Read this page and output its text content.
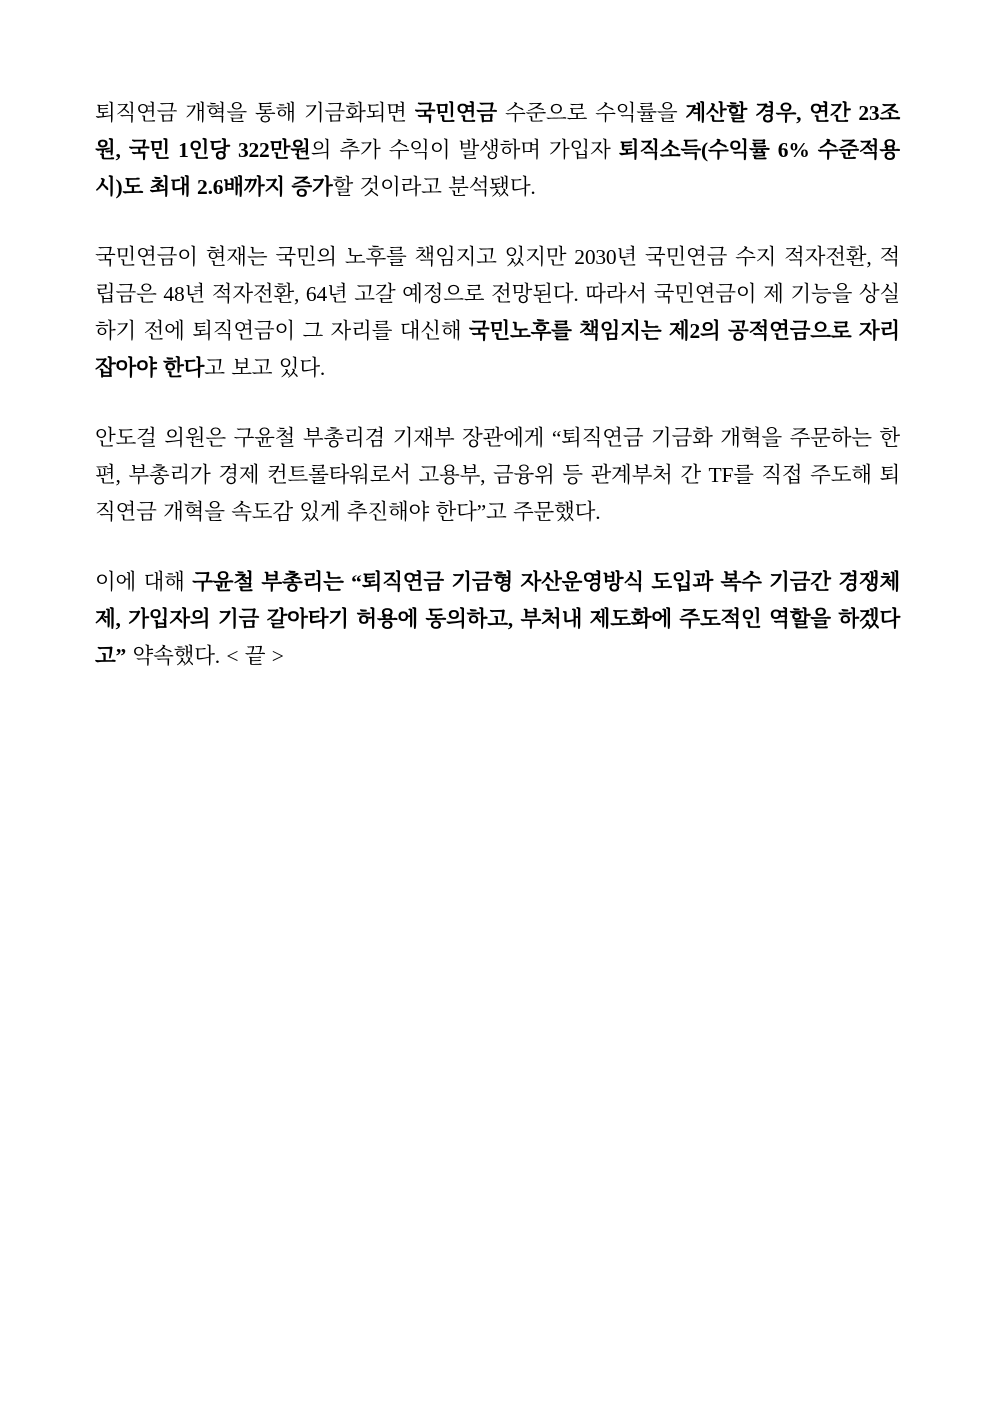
퇴직연금 개혁을 통해 기금화되면 국민연금 수준으로 수익률을 계산할 경우, 연간 23조원, 국민 1인당 322만원의 추가 수익이 발생하며 가입자 퇴직소득(수익률 6% 수준적용시)도 최대 2.6배까지 증가할 것이라고 분석됐다.

국민연금이 현재는 국민의 노후를 책임지고 있지만 2030년 국민연금 수지 적자전환, 적립금은 48년 적자전환, 64년 고갈 예정으로 전망된다. 따라서 국민연금이 제 기능을 상실하기 전에 퇴직연금이 그 자리를 대신해 국민노후를 책임지는 제2의 공적연금으로 자리 잡아야 한다고 보고 있다.

안도걸 의원은 구윤철 부총리겸 기재부 장관에게 “퇴직연금 기금화 개혁을 주문하는 한편, 부총리가 경제 컨트롤타워로서 고용부, 금융위 등 관계부처 간 TF를 직접 주도해 퇴직연금 개혁을 속도감 있게 추진해야 한다”고 주문했다.

이에 대해 구윤철 부총리는 “퇴직연금 기금형 자산운영방식 도입과 복수 기금간 경쟁체제, 가입자의 기금 갈아타기 허용에 동의하고, 부처내 제도화에 주도적인 역할을 하겠다고” 약속했다. < 끝 >
